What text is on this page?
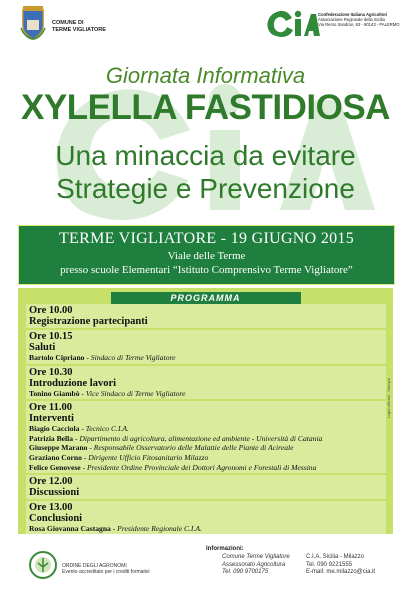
COMUNE DI
TERME VIGLIATORE
Confederazione Italiana Agricoltori
Associazione Regionale della Sicilia
Via Remo Sandron, 63 - 90143 - PALERMO
Giornata Informativa
XYLELLA FASTIDIOSA
Una minaccia da evitare
Strategie e Prevenzione
TERME VIGLIATORE - 19 GIUGNO 2015
Viale delle Terme
presso scuole Elementari “Istituto Comprensivo Terme Vigliatore”
PROGRAMMA
Ore 10.00
Registrazione partecipanti
Ore 10.15
Saluti
Bartolo Cipriano - Sindaco di Terme Vigliatore
Ore 10.30
Introduzione lavori
Tonino Giambò - Vice Sindaco di Terme Vigliatore
Ore 11.00
Interventi
Biagio Cacciola - Tecnico C.I.A.
Patrizia Bella - Dipartimento di agricoltura, alimentazione ed ambiente - Università di Catania
Giuseppe Marano - Responsabile Osservatorio delle Malattie delle Piante di Acireale
Graziano Corno - Dirigente Ufficio Fitosanitario Milazzo
Felice Genovese - Presidente Ordine Provinciale dei Dottori Agronomi e Forestali di Messina
Ore 12.00
Discussioni
Ore 13.00
Conclusioni
Rosa Giovanna Castagna - Presidente Regionale C.I.A.
Loghi ufficiali · Stampa
ORDINE DEGLI AGRONOMI
Evento accreditato per i crediti formativi
Informazioni:
Comune Terme Vigliatore
Assessorato Agricoltura
Tel. 090 9700175
C.I.A. Sicilia - Milazzo
Tel. 090 9221555
E-mail: me.milazzo@cia.it
